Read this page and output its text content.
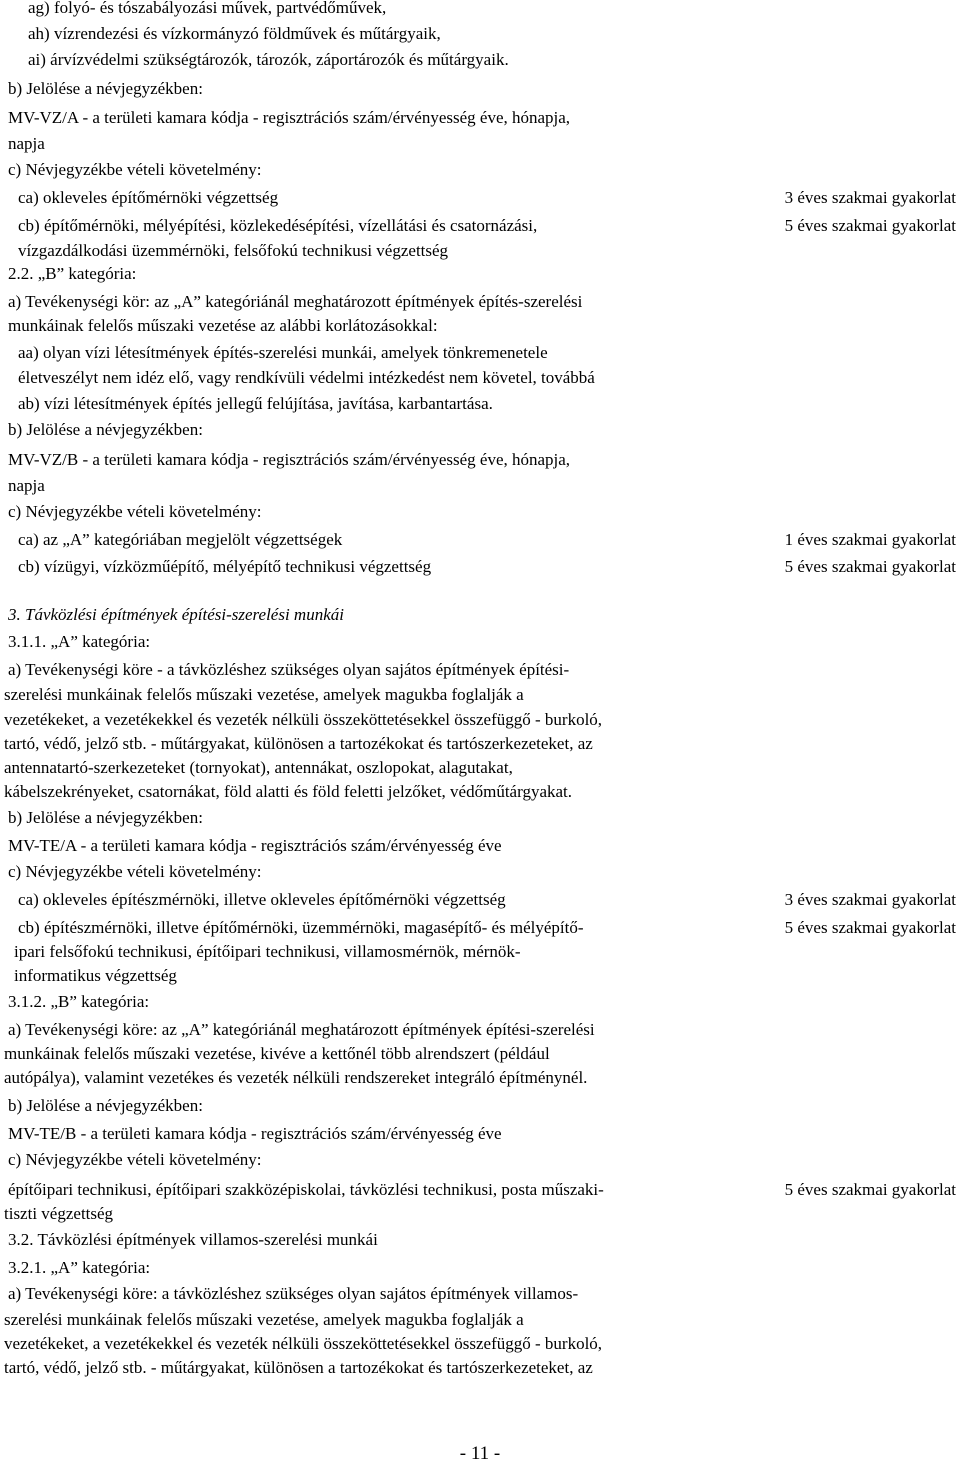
ag) folyó- és tószabályozási művek, partvédőművek,
ah) vízrendezési és vízkormányzó földművek és műtárgyaik,
ai) árvízvédelmi szükségtározók, tározók, záportározók és műtárgyaik.
b) Jelölése a névjegyzékben:
MV-VZ/A - a területi kamara kódja - regisztrációs szám/érvényesség éve, hónapja,
napja
c) Névjegyzékbe vételi követelmény:
ca) okleveles építőmérnöki végzettség	3 éves szakmai gyakorlat
cb) építőmérnöki, mélyépítési, közlekedésépítési, vízellátási és csatornázási,	5 éves szakmai gyakorlat
vízgazdálkodási üzemmérnöki, felsőfokú technikusi végzettség
2.2. „B” kategória:
a) Tevékenységi kör: az „A” kategóriánál meghatározott építmények építés-szerelési
munkáinak felelős műszaki vezetése az alábbi korlátozásokkal:
aa) olyan vízi létesítmények építés-szerelési munkái, amelyek tönkremenetele
életveszélyt nem idéz elő, vagy rendkívüli védelmi intézkedést nem követel, továbbá
ab) vízi létesítmények építés jellegű felújítása, javítása, karbantartása.
b) Jelölése a névjegyzékben:
MV-VZ/B - a területi kamara kódja - regisztrációs szám/érvényesség éve, hónapja,
napja
c) Névjegyzékbe vételi követelmény:
ca) az „A” kategóriában megjelölt végzettségek	1 éves szakmai gyakorlat
cb) vízügyi, vízközműépítő, mélyépítő technikusi végzettség	5 éves szakmai gyakorlat
3. Távközlési építmények építési-szerelési munkái
3.1.1. „A” kategória:
a) Tevékenységi köre - a távközléshez szükséges olyan sajátos építmények építési-
szerelési munkáinak felelős műszaki vezetése, amelyek magukba foglalják a
vezetékeket, a vezetékekkel és vezeték nélküli összeköttetésekkel összefüggő - burkoló,
tartó, védő, jelző stb. - műtárgyakat, különösen a tartozékokat és tartószerkezeteket, az
antennatartó-szerkezeteket (tornyokat), antennákat, oszlopokat, alagutakat,
kábelszekrényeket, csatornákat, föld alatti és föld feletti jelzőket, védőműtárgyakat.
b) Jelölése a névjegyzékben:
MV-TE/A - a területi kamara kódja - regisztrációs szám/érvényesség éve
c) Névjegyzékbe vételi követelmény:
ca) okleveles építészmérnöki, illetve okleveles építőmérnöki végzettség	3 éves szakmai gyakorlat
cb) építészmérnöki, illetve építőmérnöki, üzemmérnöki, magasépítő- és mélyépítő-	5 éves szakmai gyakorlat
ipari felsőfokú technikusi, építőipari technikusi, villamosmérnök, mérnök-
informatikus végzettség
3.1.2. „B” kategória:
a) Tevékenységi köre: az „A” kategóriánál meghatározott építmények építési-szerelési
munkáinak felelős műszaki vezetése, kivéve a kettőnél több alrendszert (például
autópálya), valamint vezetékes és vezeték nélküli rendszereket integráló építménynél.
b) Jelölése a névjegyzékben:
MV-TE/B - a területi kamara kódja - regisztrációs szám/érvényesség éve
c) Névjegyzékbe vételi követelmény:
építőipari technikusi, építőipari szakközépiskolai, távközlési technikusi, posta műszaki-	5 éves szakmai gyakorlat
tiszti végzettség
3.2. Távközlési építmények villamos-szerelési munkái
3.2.1. „A” kategória:
a) Tevékenységi köre: a távközléshez szükséges olyan sajátos építmények villamos-
szerelési munkáinak felelős műszaki vezetése, amelyek magukba foglalják a
vezetékeket, a vezetékekkel és vezeték nélküli összeköttetésekkel összefüggő - burkoló,
tartó, védő, jelző stb. - műtárgyakat, különösen a tartozékokat és tartószerkezeteket, az
- 11 -
